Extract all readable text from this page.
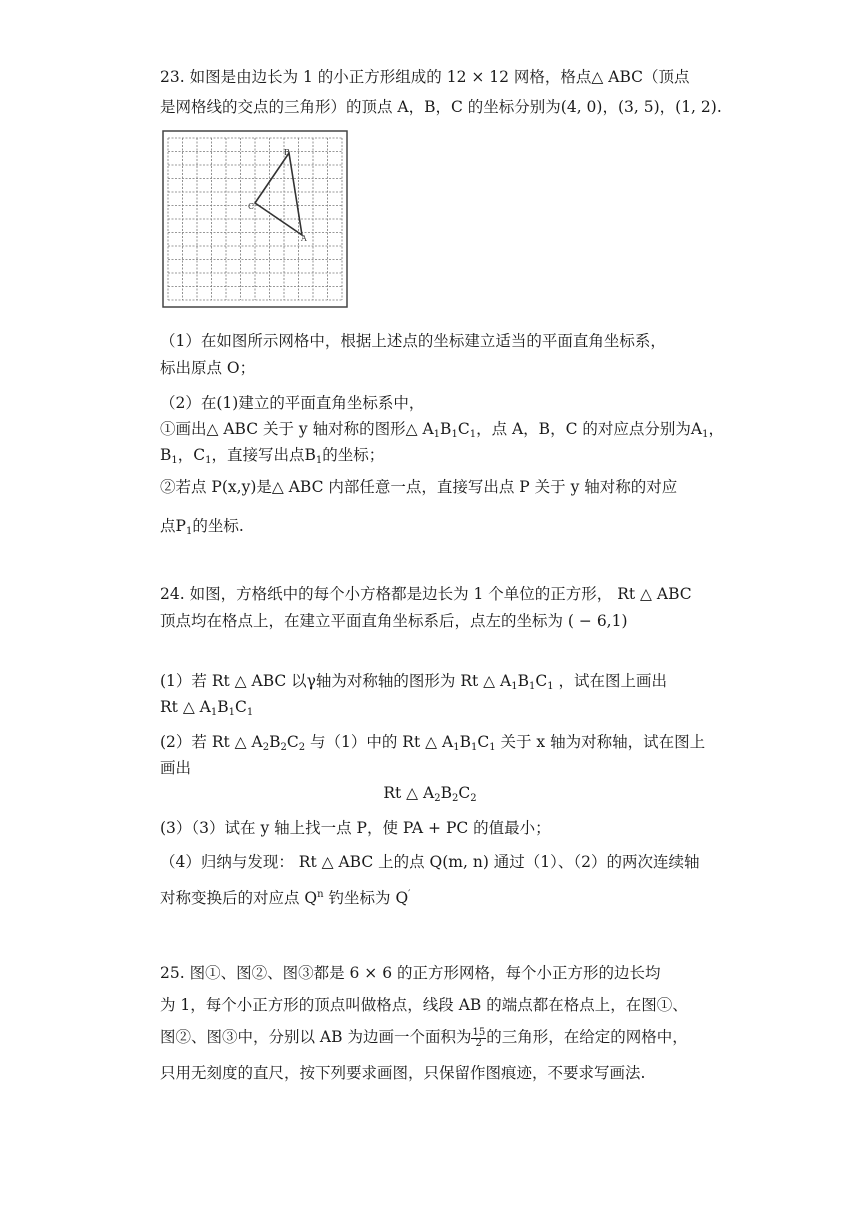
23. 如图是由边长为 1 的小正方形组成的 12 × 12 网格，格点△ ABC（顶点
是网格线的交点的三角形）的顶点 A，B，C 的坐标分别为(4, 0)，(3, 5)，(1, 2).
B
C
A
（1）在如图所示网格中，根据上述点的坐标建立适当的平面直角坐标系，
标出原点 O；
（2）在(1)建立的平面直角坐标系中，
①画出△ ABC 关于 y 轴对称的图形△ $A_1B_1C_1$，点 A，B，C 的对应点分别为$A_1$，
$B_1$，$C_1$，直接写出点$B_1$的坐标；
②若点 P(x,y)是△ ABC 内部任意一点，直接写出点 P 关于 y 轴对称的对应
点$P_1$的坐标.
24. 如图，方格纸中的每个小方格都是边长为 1 个单位的正方形， Rt △ ABC
顶点均在格点上，在建立平面直角坐标系后，点左的坐标为 ( − 6,1)
(1）若 Rt △ ABC 以γ轴为对称轴的图形为 Rt △ $A_1B_1C_1$ ，试在图上画出
Rt △ $A_1B_1C_1$
(2）若 Rt △ $A_2B_2C_2$ 与（1）中的 Rt △ $A_1B_1C_1$ 关于 x 轴为对称轴，试在图上
画出
Rt △ $A_2B_2C_2$
(3）（3）试在 y 轴上找一点 P，使 PA + PC 的值最小；
（4）归纳与发现： Rt △ ABC 上的点 Q(m, n) 通过（1）、（2）的两次连续轴
对称变换后的对应点 $Q^n$ 钓坐标为 Q′
25. 图①、图②、图③都是 6 × 6 的正方形网格，每个小正方形的边长均
为 1，每个小正方形的顶点叫做格点，线段 AB 的端点都在格点上，在图①、
图②、图③中，分别以 AB 为边画一个面积为 $\frac{15}{2}$ 的三角形，在给定的网格中，
只用无刻度的直尺，按下列要求画图，只保留作图痕迹，不要求写画法.
